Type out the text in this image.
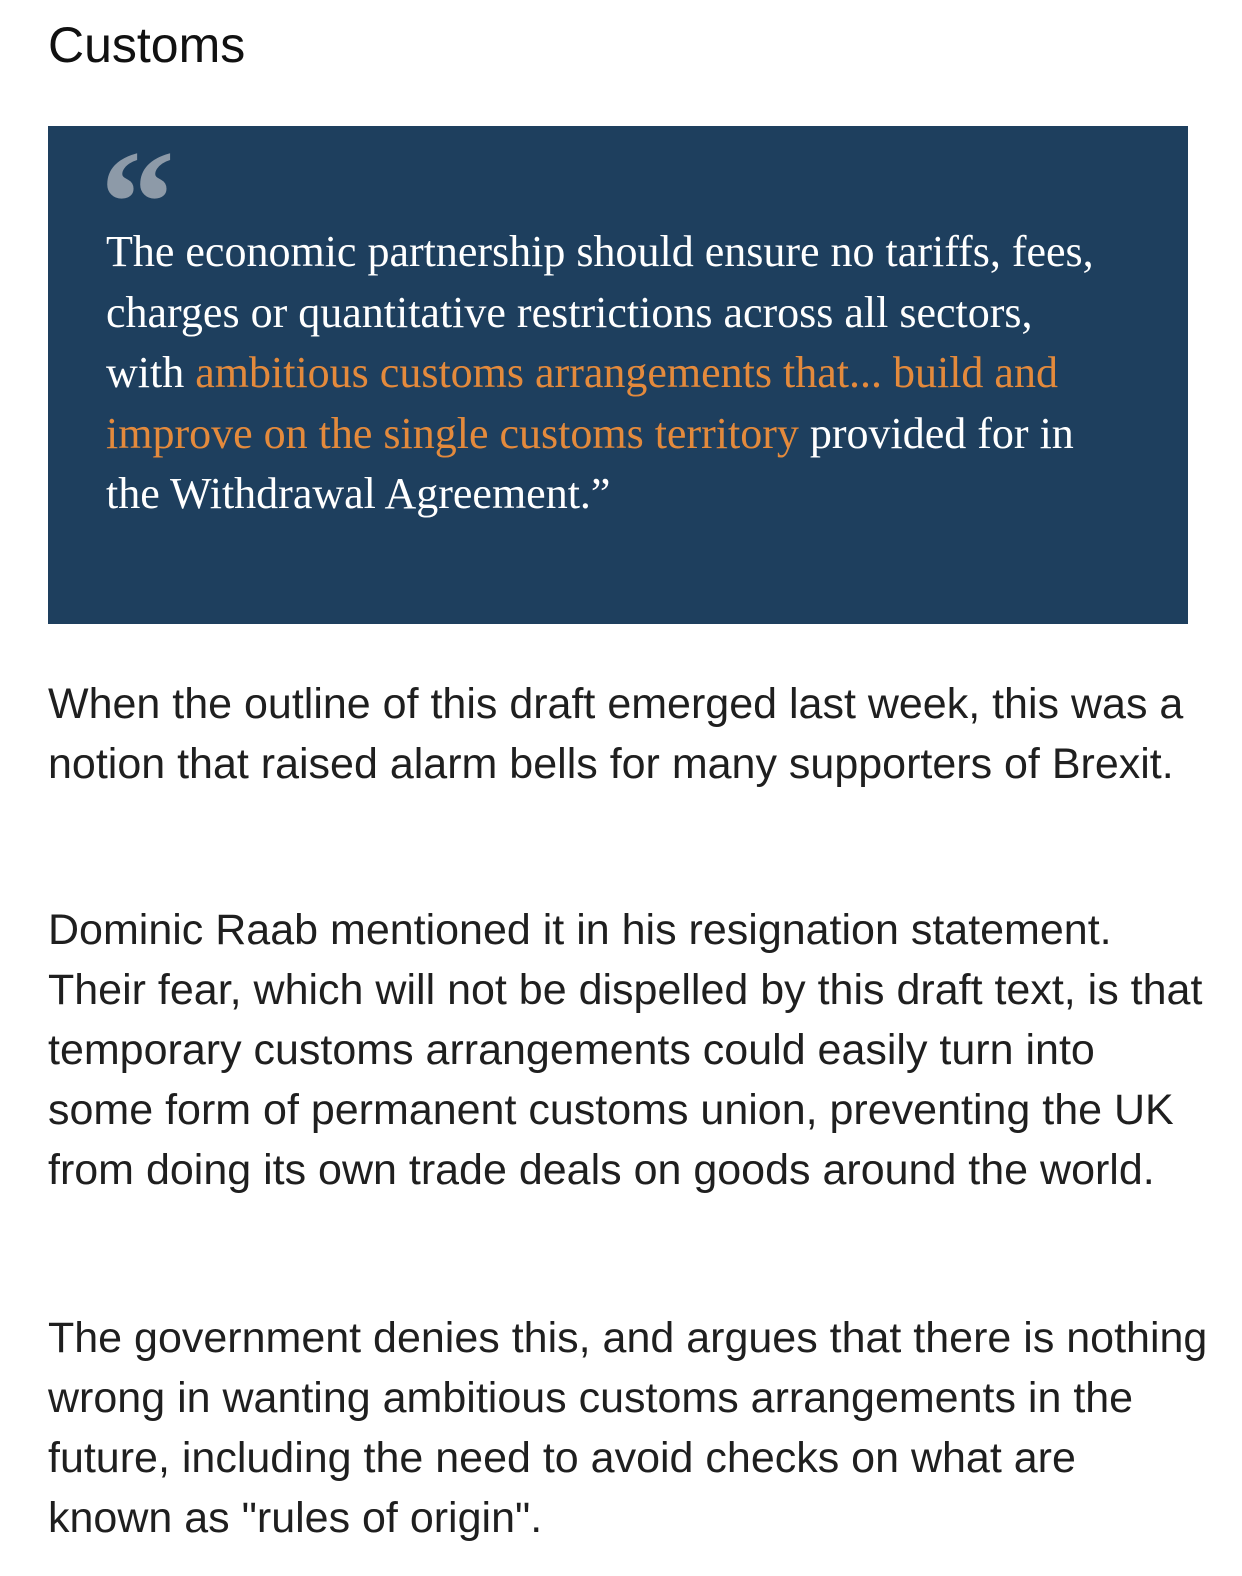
Customs
“

The economic partnership should ensure no tariffs, fees, charges or quantitative restrictions across all sectors, with ambitious customs arrangements that... build and improve on the single customs territory provided for in the Withdrawal Agreement.”

When the outline of this draft emerged last week, this was a notion that raised alarm bells for many supporters of Brexit.

Dominic Raab mentioned it in his resignation statement. Their fear, which will not be dispelled by this draft text, is that temporary customs arrangements could easily turn into some form of permanent customs union, preventing the UK from doing its own trade deals on goods around the world.

The government denies this, and argues that there is nothing wrong in wanting ambitious customs arrangements in the future, including the need to avoid checks on what are known as "rules of origin".
